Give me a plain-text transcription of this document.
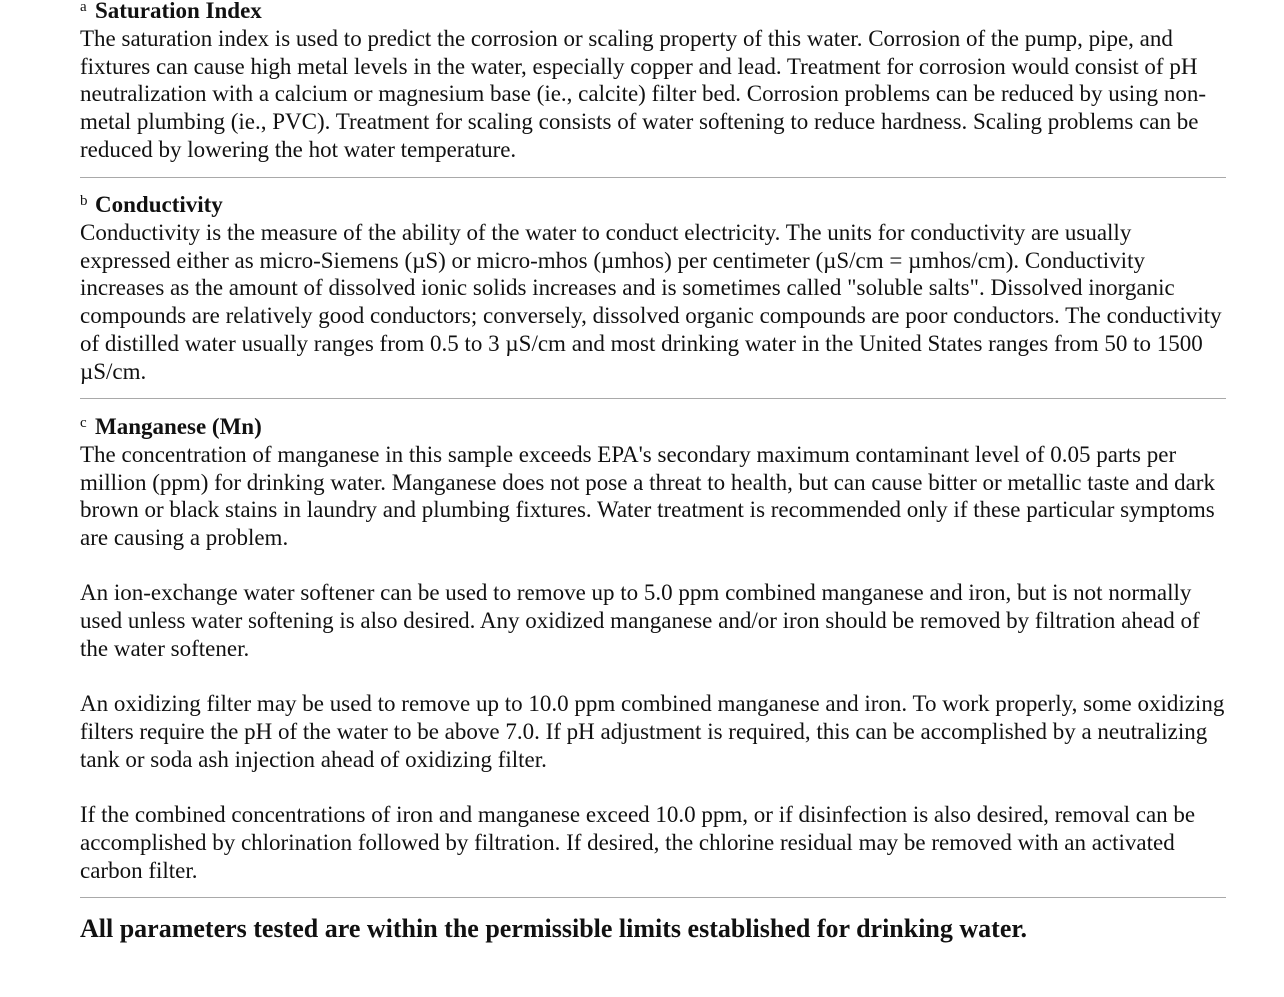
a Saturation Index

The saturation index is used to predict the corrosion or scaling property of this water. Corrosion of the pump, pipe, and fixtures can cause high metal levels in the water, especially copper and lead. Treatment for corrosion would consist of pH neutralization with a calcium or magnesium base (ie., calcite) filter bed. Corrosion problems can be reduced by using non-metal plumbing (ie., PVC). Treatment for scaling consists of water softening to reduce hardness. Scaling problems can be reduced by lowering the hot water temperature.

b Conductivity

Conductivity is the measure of the ability of the water to conduct electricity. The units for conductivity are usually expressed either as micro-Siemens (µS) or micro-mhos (µmhos) per centimeter (µS/cm = µmhos/cm). Conductivity increases as the amount of dissolved ionic solids increases and is sometimes called "soluble salts". Dissolved inorganic compounds are relatively good conductors; conversely, dissolved organic compounds are poor conductors. The conductivity of distilled water usually ranges from 0.5 to 3 µS/cm and most drinking water in the United States ranges from 50 to 1500 µS/cm.

c Manganese (Mn)

The concentration of manganese in this sample exceeds EPA's secondary maximum contaminant level of 0.05 parts per million (ppm) for drinking water. Manganese does not pose a threat to health, but can cause bitter or metallic taste and dark brown or black stains in laundry and plumbing fixtures. Water treatment is recommended only if these particular symptoms are causing a problem.

An ion-exchange water softener can be used to remove up to 5.0 ppm combined manganese and iron, but is not normally used unless water softening is also desired. Any oxidized manganese and/or iron should be removed by filtration ahead of the water softener.

An oxidizing filter may be used to remove up to 10.0 ppm combined manganese and iron. To work properly, some oxidizing filters require the pH of the water to be above 7.0. If pH adjustment is required, this can be accomplished by a neutralizing tank or soda ash injection ahead of oxidizing filter.

If the combined concentrations of iron and manganese exceed 10.0 ppm, or if disinfection is also desired, removal can be accomplished by chlorination followed by filtration. If desired, the chlorine residual may be removed with an activated carbon filter.

All parameters tested are within the permissible limits established for drinking water.
